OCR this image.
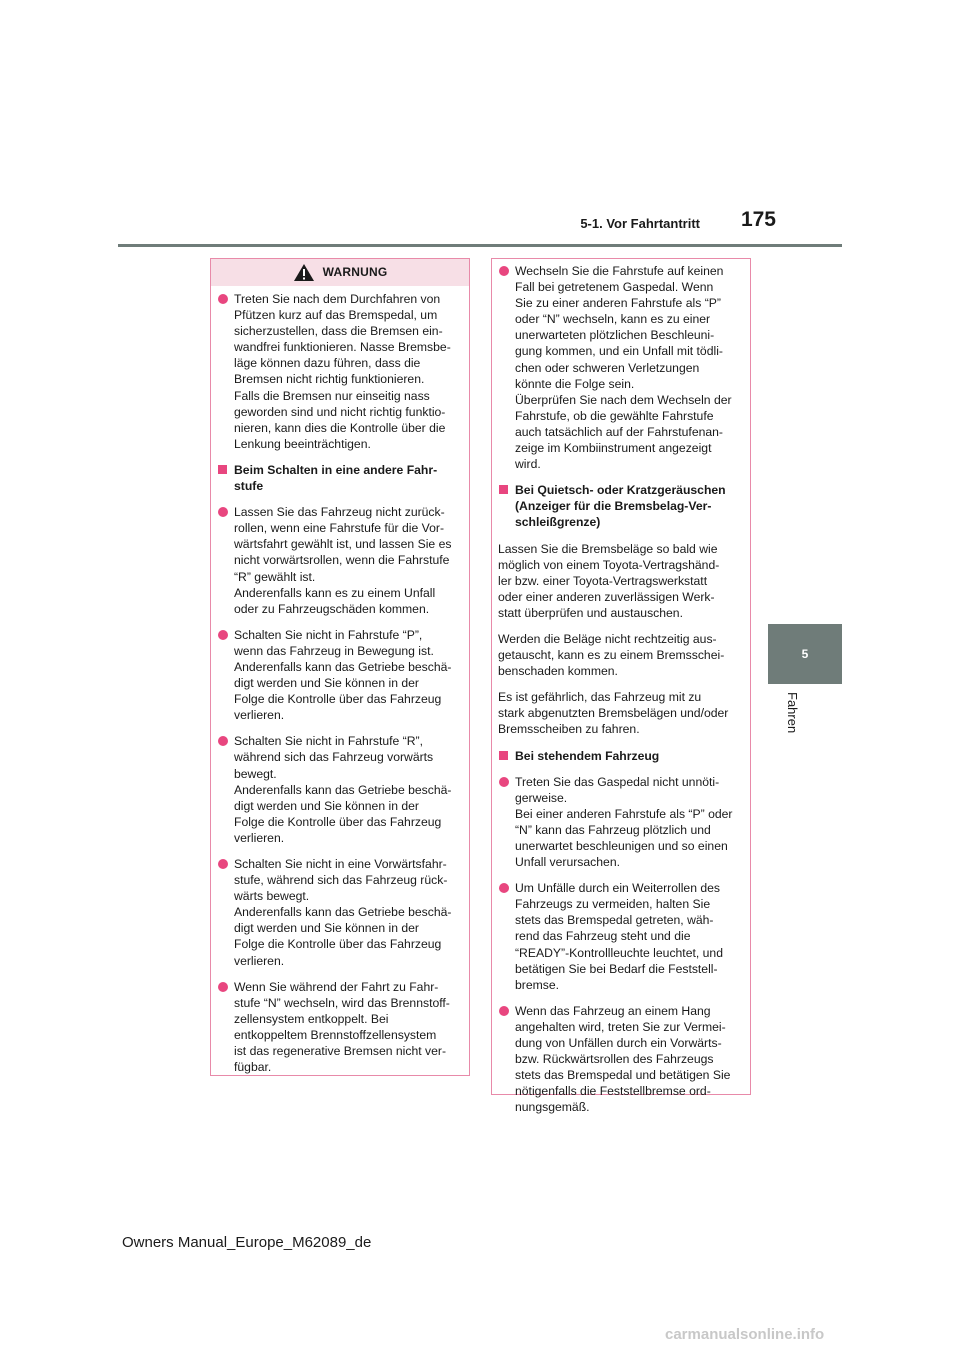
5-1. Vor Fahrtantritt	175
5
Fahren
WARNUNG
Treten Sie nach dem Durchfahren von
Pfützen kurz auf das Bremspedal, um
sicherzustellen, dass die Bremsen ein-
wandfrei funktionieren. Nasse Bremsbe-
läge können dazu führen, dass die
Bremsen nicht richtig funktionieren.
Falls die Bremsen nur einseitig nass
geworden sind und nicht richtig funktio-
nieren, kann dies die Kontrolle über die
Lenkung beeinträchtigen.
Beim Schalten in eine andere Fahr-
stufe
Lassen Sie das Fahrzeug nicht zurück-
rollen, wenn eine Fahrstufe für die Vor-
wärtsfahrt gewählt ist, und lassen Sie es
nicht vorwärtsrollen, wenn die Fahrstufe
“R” gewählt ist.
Anderenfalls kann es zu einem Unfall
oder zu Fahrzeugschäden kommen.
Schalten Sie nicht in Fahrstufe “P”,
wenn das Fahrzeug in Bewegung ist.
Anderenfalls kann das Getriebe beschä-
digt werden und Sie können in der
Folge die Kontrolle über das Fahrzeug
verlieren.
Schalten Sie nicht in Fahrstufe “R”,
während sich das Fahrzeug vorwärts
bewegt.
Anderenfalls kann das Getriebe beschä-
digt werden und Sie können in der
Folge die Kontrolle über das Fahrzeug
verlieren.
Schalten Sie nicht in eine Vorwärtsfahr-
stufe, während sich das Fahrzeug rück-
wärts bewegt.
Anderenfalls kann das Getriebe beschä-
digt werden und Sie können in der
Folge die Kontrolle über das Fahrzeug
verlieren.
Wenn Sie während der Fahrt zu Fahr-
stufe “N” wechseln, wird das Brennstoff-
zellensystem entkoppelt. Bei
entkoppeltem Brennstoffzellensystem
ist das regenerative Bremsen nicht ver-
fügbar.
Wechseln Sie die Fahrstufe auf keinen
Fall bei getretenem Gaspedal. Wenn
Sie zu einer anderen Fahrstufe als “P”
oder “N” wechseln, kann es zu einer
unerwarteten plötzlichen Beschleuni-
gung kommen, und ein Unfall mit tödli-
chen oder schweren Verletzungen
könnte die Folge sein.
Überprüfen Sie nach dem Wechseln der
Fahrstufe, ob die gewählte Fahrstufe
auch tatsächlich auf der Fahrstufenan-
zeige im Kombiinstrument angezeigt
wird.
Bei Quietsch- oder Kratzgeräuschen
(Anzeiger für die Bremsbelag-Ver-
schleißgrenze)
Lassen Sie die Bremsbeläge so bald wie
möglich von einem Toyota-Vertragshänd-
ler bzw. einer Toyota-Vertragswerkstatt
oder einer anderen zuverlässigen Werk-
statt überprüfen und austauschen.
Werden die Beläge nicht rechtzeitig aus-
getauscht, kann es zu einem Bremsschei-
benschaden kommen.
Es ist gefährlich, das Fahrzeug mit zu
stark abgenutzten Bremsbelägen und/oder
Bremsscheiben zu fahren.
Bei stehendem Fahrzeug
Treten Sie das Gaspedal nicht unnöti-
gerweise.
Bei einer anderen Fahrstufe als “P” oder
“N” kann das Fahrzeug plötzlich und
unerwartet beschleunigen und so einen
Unfall verursachen.
Um Unfälle durch ein Weiterrollen des
Fahrzeugs zu vermeiden, halten Sie
stets das Bremspedal getreten, wäh-
rend das Fahrzeug steht und die
“READY”-Kontrollleuchte leuchtet, und
betätigen Sie bei Bedarf die Feststell-
bremse.
Wenn das Fahrzeug an einem Hang
angehalten wird, treten Sie zur Vermei-
dung von Unfällen durch ein Vorwärts-
bzw. Rückwärtsrollen des Fahrzeugs
stets das Bremspedal und betätigen Sie
nötigenfalls die Feststellbremse ord-
nungsgemäß.
Owners Manual_Europe_M62089_de
carmanualsonline.info
